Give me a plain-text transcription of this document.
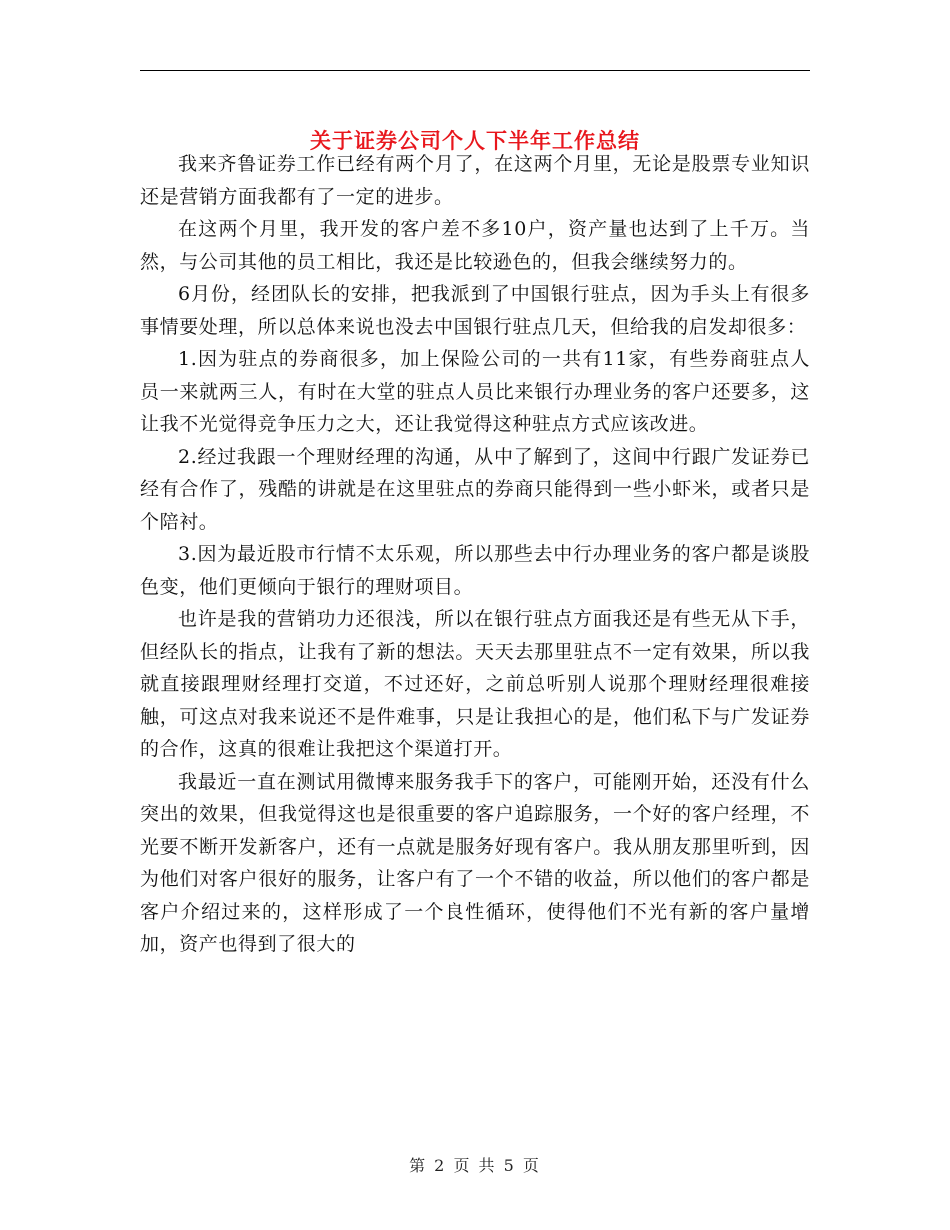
关于证券公司个人下半年工作总结

我来齐鲁证券工作已经有两个月了，在这两个月里，无论是股票专业知识还是营销方面我都有了一定的进步。

在这两个月里，我开发的客户差不多10户，资产量也达到了上千万。当然，与公司其他的员工相比，我还是比较逊色的，但我会继续努力的。

6月份，经团队长的安排，把我派到了中国银行驻点，因为手头上有很多事情要处理，所以总体来说也没去中国银行驻点几天，但给我的启发却很多：

1.因为驻点的券商很多，加上保险公司的一共有11家，有些券商驻点人员一来就两三人，有时在大堂的驻点人员比来银行办理业务的客户还要多，这让我不光觉得竞争压力之大，还让我觉得这种驻点方式应该改进。

2.经过我跟一个理财经理的沟通，从中了解到了，这间中行跟广发证券已经有合作了，残酷的讲就是在这里驻点的券商只能得到一些小虾米，或者只是个陪衬。

3.因为最近股市行情不太乐观，所以那些去中行办理业务的客户都是谈股色变，他们更倾向于银行的理财项目。

也许是我的营销功力还很浅，所以在银行驻点方面我还是有些无从下手，但经队长的指点，让我有了新的想法。天天去那里驻点不一定有效果，所以我就直接跟理财经理打交道，不过还好，之前总听别人说那个理财经理很难接触，可这点对我来说还不是件难事，只是让我担心的是，他们私下与广发证券的合作，这真的很难让我把这个渠道打开。

我最近一直在测试用微博来服务我手下的客户，可能刚开始，还没有什么突出的效果，但我觉得这也是很重要的客户追踪服务，一个好的客户经理，不光要不断开发新客户，还有一点就是服务好现有客户。我从朋友那里听到，因为他们对客户很好的服务，让客户有了一个不错的收益，所以他们的客户都是客户介绍过来的，这样形成了一个良性循环，使得他们不光有新的客户量增加，资产也得到了很大的

第 2 页 共 5 页
